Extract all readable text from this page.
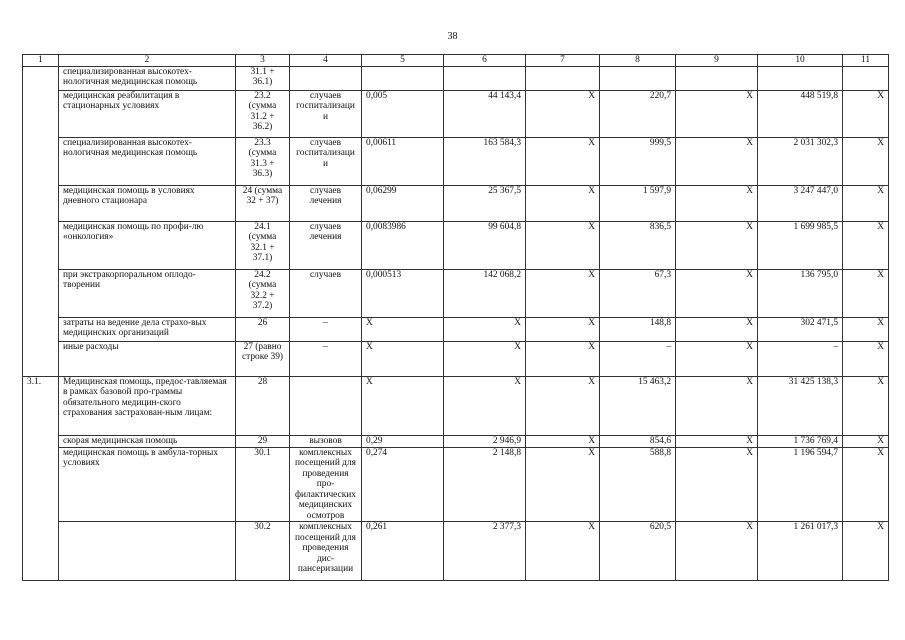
38
1	2	3	4	5	6	7	8	9	10	11
	специализированная высокотех-нологичная медицинская помощь	31.1 + 36.1)								
	медицинская реабилитация в стационарных условиях	23.2 (сумма 31.2 + 36.2)	случаев госпитализации	0,005	44 143,4	X	220,7	X	448 519,8	X
	специализированная высокотех-нологичная медицинская помощь	23.3 (сумма 31.3 + 36.3)	случаев госпитализации	0,00611	163 584,3	X	999,5	X	2 031 302,3	X
	медицинская помощь в условиях дневного стационара	24 (сумма 32 + 37)	случаев лечения	0,06299	25 367,5	X	1 597,9	X	3 247 447,0	X
	медицинская помощь по профи-лю «онкология»	24.1 (сумма 32.1 + 37.1)	случаев лечения	0,0083986	99 604,8	X	836,5	X	1 699 985,5	X
	при экстракорпоральном оплодо-творении	24.2 (сумма 32.2 + 37.2)	случаев	0,000513	142 068,2	X	67,3	X	136 795,0	X
	затраты на ведение дела страхо-вых медицинских организаций	26	–	X	X	X	148,8	X	302 471,5	X
	иные расходы	27 (равно строке 39)	–	X	X	X	–	X	–	X
3.1.	Медицинская помощь, предос-тавляемая в рамках базовой про-граммы обязательного медицин-ского страхования застрахован-ным лицам:	28		X	X	X	15 463,2	X	31 425 138,3	X
	скорая медицинская помощь	29	вызовов	0,29	2 946,9	X	854,6	X	1 736 769,4	X
	медицинская помощь в амбула-торных условиях	30.1	комплексных посещений для проведения про-филактических медицинских осмотров	0,274	2 148,8	X	588,8	X	1 196 594,7	X
		30.2	комплексных посещений для проведения дис-пансеризации	0,261	2 377,3	X	620,5	X	1 261 017,3	X
